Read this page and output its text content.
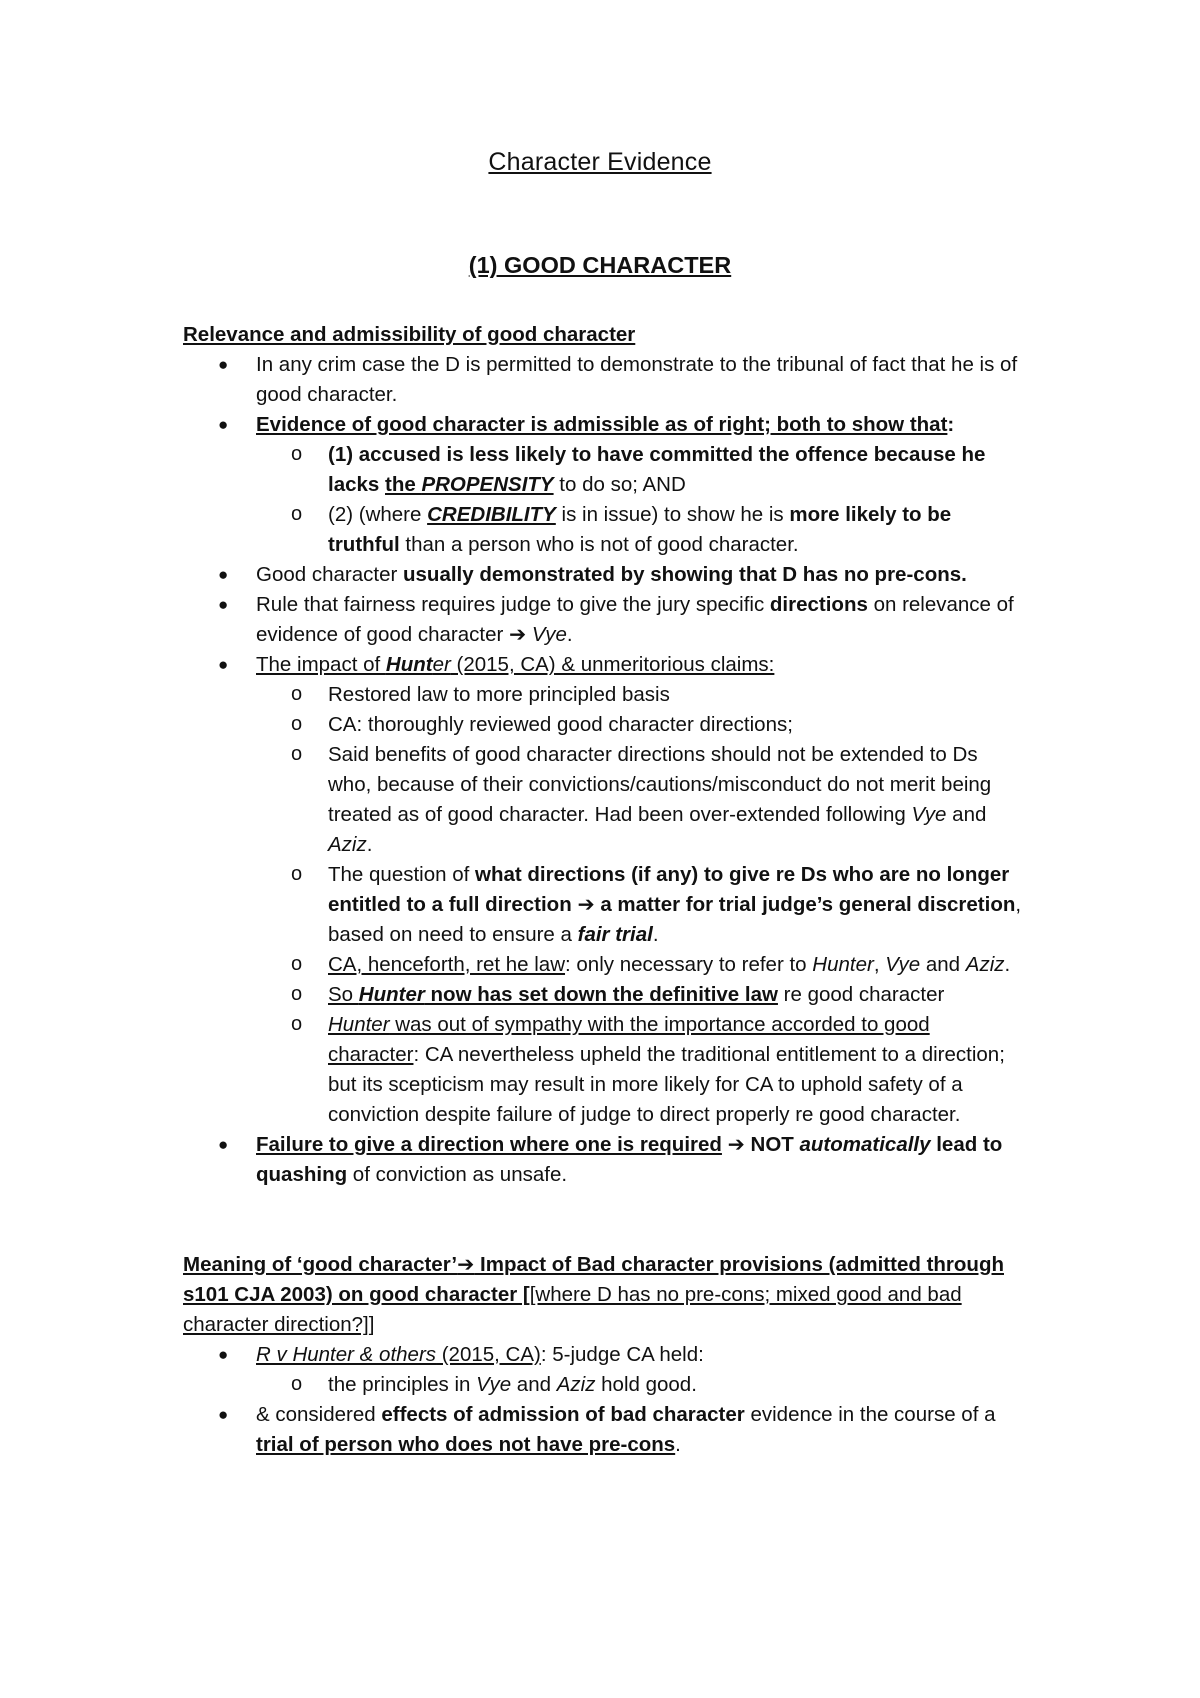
Character Evidence
(1) GOOD CHARACTER
Relevance and admissibility of good character
● In any crim case the D is permitted to demonstrate to the tribunal of fact that he is of good character.
● Evidence of good character is admissible as of right; both to show that:
o (1) accused is less likely to have committed the offence because he lacks the PROPENSITY to do so; AND
o (2) (where CREDIBILITY is in issue) to show he is more likely to be truthful than a person who is not of good character.
● Good character usually demonstrated by showing that D has no pre-cons.
● Rule that fairness requires judge to give the jury specific directions on relevance of evidence of good character ➔ Vye.
● The impact of Hunter (2015, CA) & unmeritorious claims:
o Restored law to more principled basis
o CA: thoroughly reviewed good character directions;
o Said benefits of good character directions should not be extended to Ds who, because of their convictions/cautions/misconduct do not merit being treated as of good character. Had been over-extended following Vye and Aziz.
o The question of what directions (if any) to give re Ds who are no longer entitled to a full direction ➔ a matter for trial judge’s general discretion, based on need to ensure a fair trial.
o CA, henceforth, ret he law: only necessary to refer to Hunter, Vye and Aziz.
o So Hunter now has set down the definitive law re good character
o Hunter was out of sympathy with the importance accorded to good character: CA nevertheless upheld the traditional entitlement to a direction; but its scepticism may result in more likely for CA to uphold safety of a conviction despite failure of judge to direct properly re good character.
● Failure to give a direction where one is required ➔ NOT automatically lead to quashing of conviction as unsafe.
Meaning of ‘good character’➔ Impact of Bad character provisions (admitted through s101 CJA 2003) on good character [[where D has no pre-cons; mixed good and bad character direction?]]
● R v Hunter & others (2015, CA): 5-judge CA held:
o the principles in Vye and Aziz hold good.
● & considered effects of admission of bad character evidence in the course of a trial of person who does not have pre-cons.
